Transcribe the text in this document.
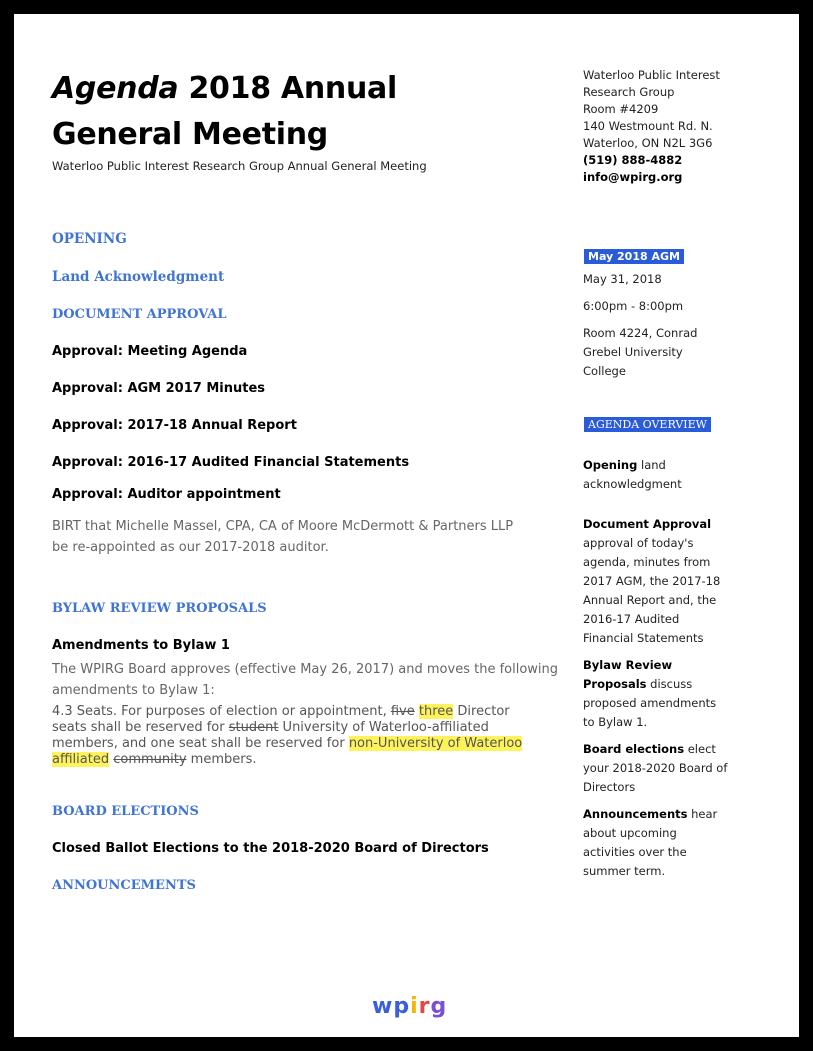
Agenda 2018 Annual
General Meeting
Waterloo Public Interest Research Group Annual General Meeting
Waterloo Public Interest
Research Group
Room #4209
140 Westmount Rd. N.
Waterloo, ON N2L 3G6
(519) 888-4882
info@wpirg.org
OPENING
Land Acknowledgment
DOCUMENT APPROVAL
Approval: Meeting Agenda
Approval: AGM 2017 Minutes
Approval: 2017-18 Annual Report
Approval: 2016-17 Audited Financial Statements
Approval: Auditor appointment
BIRT that Michelle Massel, CPA, CA of Moore McDermott & Partners LLP
be re-appointed as our 2017-2018 auditor.
BYLAW REVIEW PROPOSALS
Amendments to Bylaw 1
The WPIRG Board approves (effective May 26, 2017) and moves the following
amendments to Bylaw 1:
4.3 Seats. For purposes of election or appointment, five three Director
seats shall be reserved for student University of Waterloo-affiliated
members, and one seat shall be reserved for non-University of Waterloo
affiliated community members.
BOARD ELECTIONS
Closed Ballot Elections to the 2018-2020 Board of Directors
ANNOUNCEMENTS
May 2018 AGM
May 31, 2018
6:00pm - 8:00pm
Room 4224, Conrad
Grebel University
College
AGENDA OVERVIEW
Opening land
acknowledgment
Document Approval
approval of today's
agenda, minutes from
2017 AGM, the 2017-18
Annual Report and, the
2016-17 Audited
Financial Statements
Bylaw Review
Proposals discuss
proposed amendments
to Bylaw 1.
Board elections elect
your 2018-2020 Board of
Directors
Announcements hear
about upcoming
activities over the
summer term.
w p i r g
